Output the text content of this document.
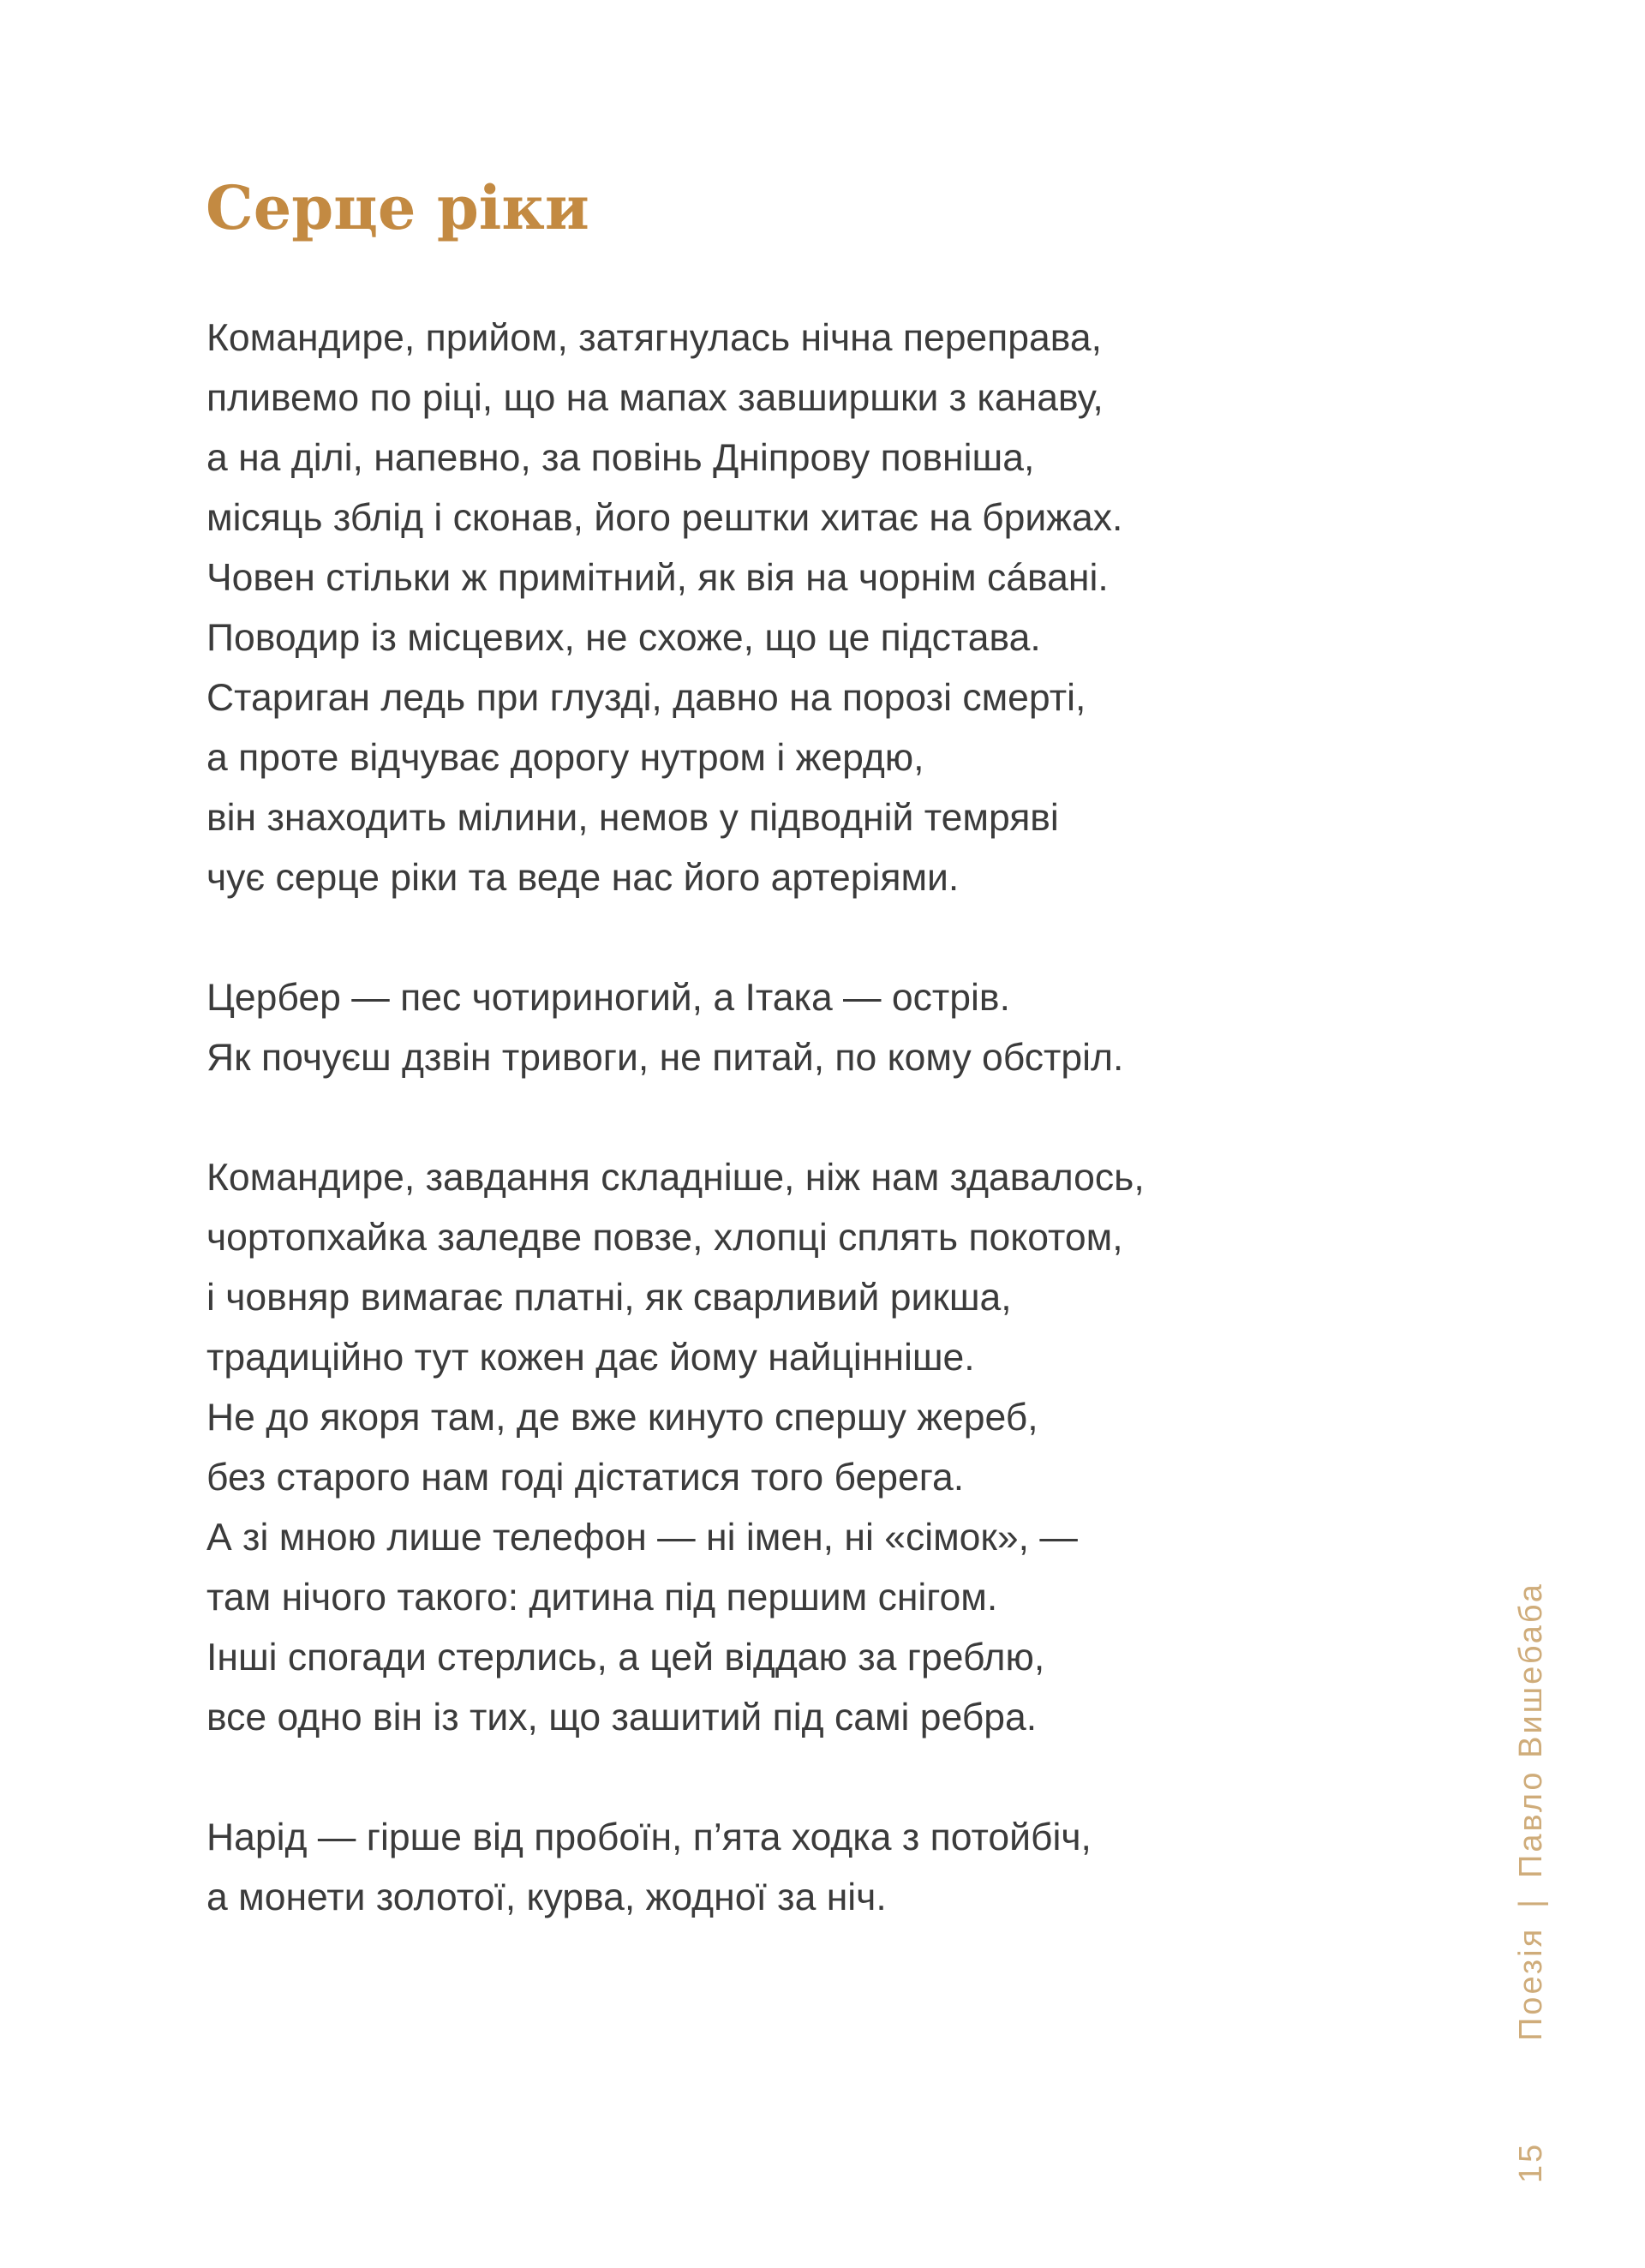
Серце ріки
Командире, прийом, затягнулась нічна переправа,
пливемо по ріці, що на мапах завширшки з канаву,
а на ділі, напевно, за повінь Дніпрову повніша,
місяць зблід і сконав, його рештки хитає на брижах.
Човен стільки ж примітний, як вія на чорнім сáвані.
Поводир із місцевих, не схоже, що це підстава.
Стариган ледь при глузді, давно на порозі смерті,
а проте відчуває дорогу нутром і жердю,
він знаходить мілини, немов у підводній темряві
чує серце ріки та веде нас його артеріями.
Цербер — пес чотириногий, а Ітака — острів.
Як почуєш дзвін тривоги, не питай, по кому обстріл.
Командире, завдання складніше, ніж нам здавалось,
чортопхайка заледве повзе, хлопці сплять покотом,
і човняр вимагає платні, як сварливий рикша,
традиційно тут кожен дає йому найцінніше.
Не до якоря там, де вже кинуто спершу жереб,
без старого нам годі дістатися того берега.
А зі мною лише телефон — ні імен, ні «сімок», —
там нічого такого: дитина під першим снігом.
Інші спогади стерлись, а цей віддаю за греблю,
все одно він із тих, що зашитий під самі ребра.
Нарід — гірше від пробоїн, п’ята ходка з потойбіч,
а монети золотої, курва, жодної за ніч.
Поезія|Павло Вишебаба
15
